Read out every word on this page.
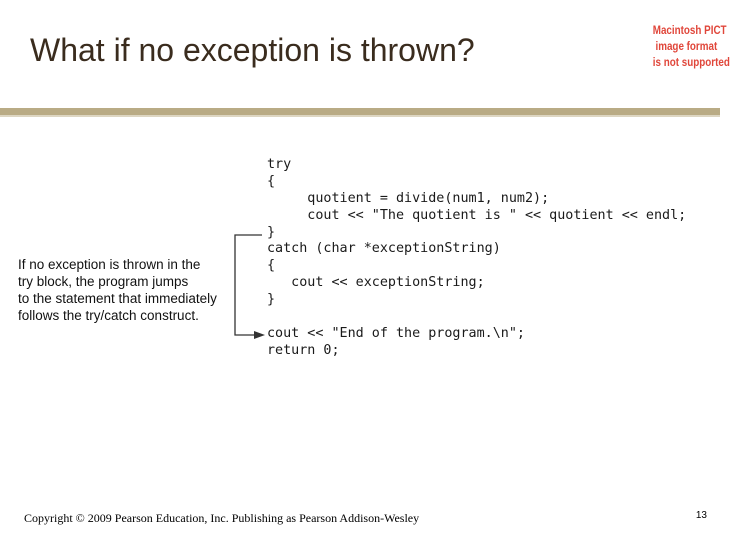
What if no exception is thrown?
Macintosh PICT
image format
is not supported
try
{
quotient = divide(num1, num2);
cout << "The quotient is " << quotient << endl;
}
catch (char *exceptionString)
{
cout << exceptionString;
}
cout << "End of the program.\n";
return 0;
If no exception is thrown in the
try block, the program jumps
to the statement that immediately
follows the try/catch construct.
Copyright © 2009 Pearson Education, Inc. Publishing as Pearson Addison-Wesley	13
